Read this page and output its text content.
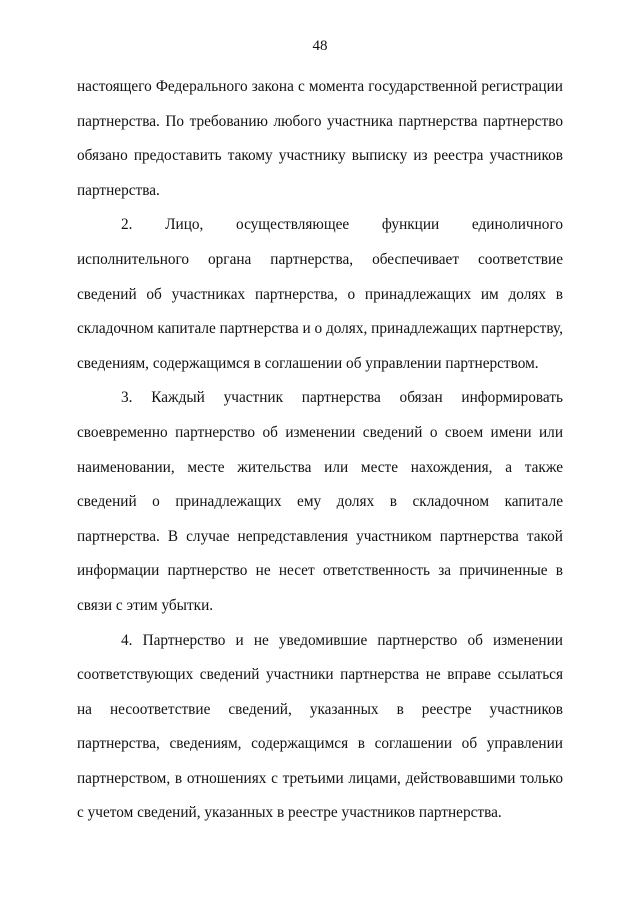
48

настоящего Федерального закона с момента государственной регистрации партнерства. По требованию любого участника партнерства партнерство обязано предоставить такому участнику выписку из реестра участников партнерства.

2. Лицо, осуществляющее функции единоличного исполнительного органа партнерства, обеспечивает соответствие сведений об участниках партнерства, о принадлежащих им долях в складочном капитале партнерства и о долях, принадлежащих партнерству, сведениям, содержащимся в соглашении об управлении партнерством.

3. Каждый участник партнерства обязан информировать своевременно партнерство об изменении сведений о своем имени или наименовании, месте жительства или месте нахождения, а также сведений о принадлежащих ему долях в складочном капитале партнерства. В случае непредставления участником партнерства такой информации партнерство не несет ответственность за причиненные в связи с этим убытки.

4. Партнерство и не уведомившие партнерство об изменении соответствующих сведений участники партнерства не вправе ссылаться на несоответствие сведений, указанных в реестре участников партнерства, сведениям, содержащимся в соглашении об управлении партнерством, в отношениях с третьими лицами, действовавшими только с учетом сведений, указанных в реестре участников партнерства.
